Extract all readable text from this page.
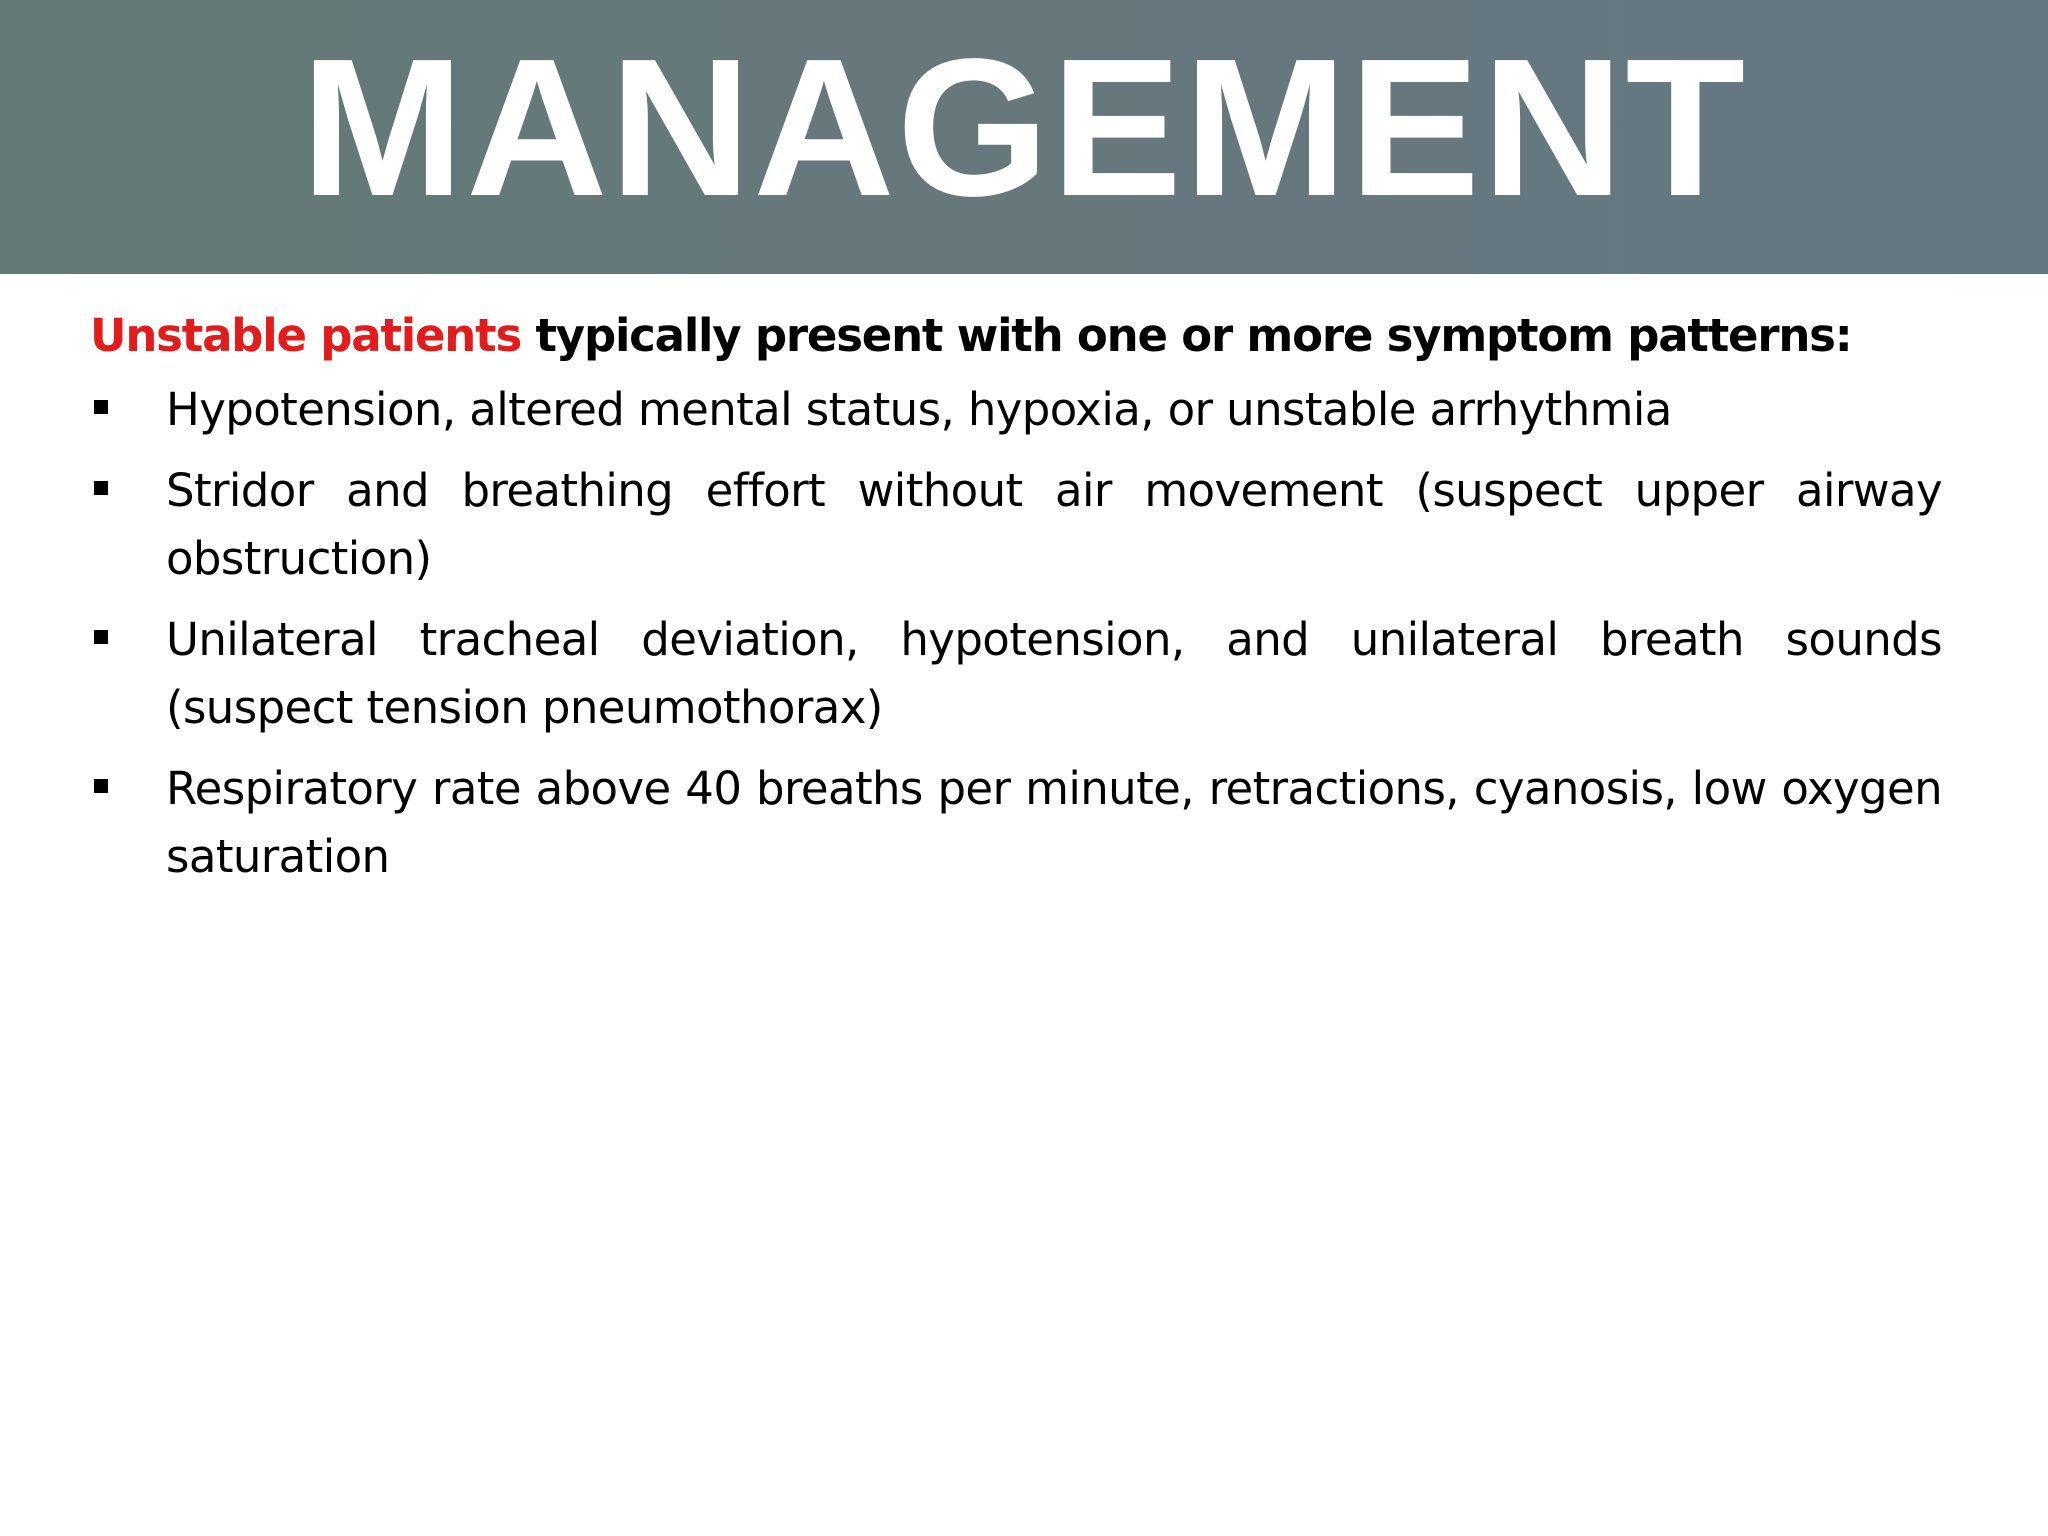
MANAGEMENT

Unstable patients typically present with one or more symptom patterns:

Hypotension, altered mental status, hypoxia, or unstable arrhythmia
Stridor and breathing effort without air movement (suspect upper airway obstruction)
Unilateral tracheal deviation, hypotension, and unilateral breath sounds (suspect tension pneumothorax)
Respiratory rate above 40 breaths per minute, retractions, cyanosis, low oxygen saturation
